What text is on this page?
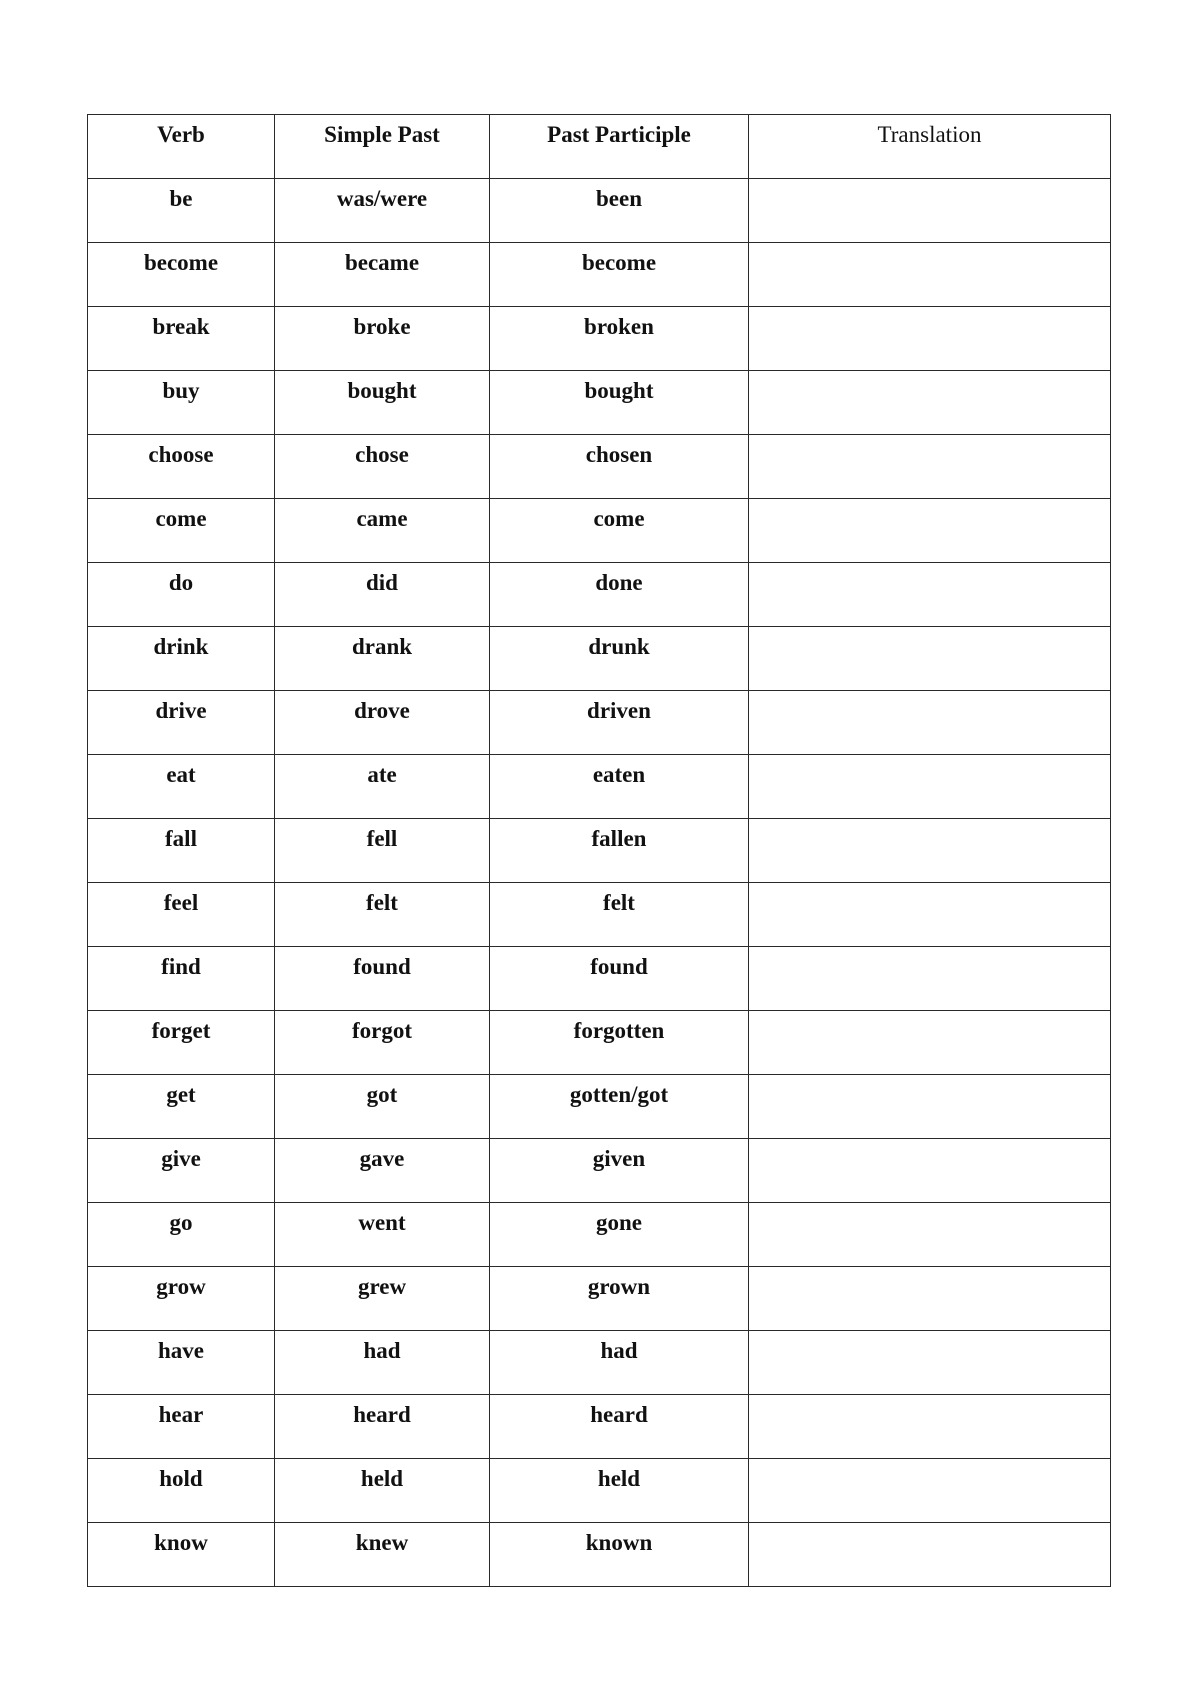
Verb	Simple Past	Past Participle	Translation
be	was/were	been	
become	became	become	
break	broke	broken	
buy	bought	bought	
choose	chose	chosen	
come	came	come	
do	did	done	
drink	drank	drunk	
drive	drove	driven	
eat	ate	eaten	
fall	fell	fallen	
feel	felt	felt	
find	found	found	
forget	forgot	forgotten	
get	got	gotten/got	
give	gave	given	
go	went	gone	
grow	grew	grown	
have	had	had	
hear	heard	heard	
hold	held	held	
know	knew	known	
